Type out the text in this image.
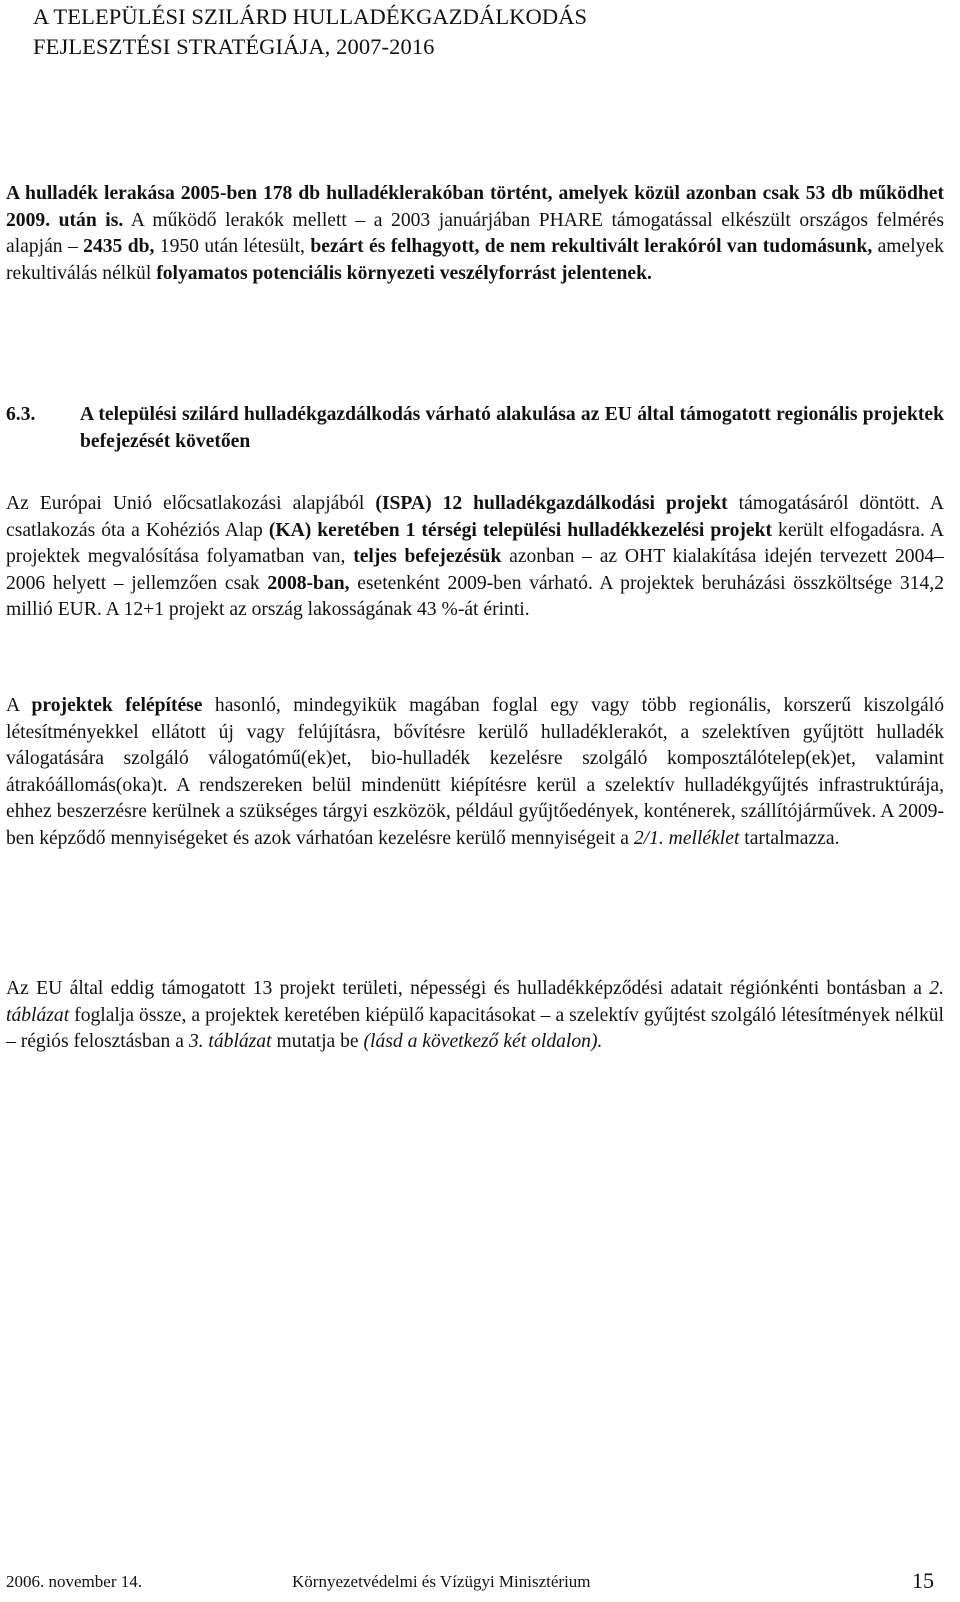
A TELEPÜLÉSI SZILÁRD HULLADÉKGAZDÁLKODÁS
FEJLESZTÉSI STRATÉGIÁJA, 2007-2016

A hulladék lerakása 2005-ben 178 db hulladéklerakóban történt, amelyek közül azonban csak 53 db működhet 2009. után is. A működő lerakók mellett – a 2003 januárjában PHARE támogatással elkészült országos felmérés alapján – 2435 db, 1950 után létesült, bezárt és felhagyott, de nem rekultivált lerakóról van tudomásunk, amelyek rekultiválás nélkül folyamatos potenciális környezeti veszélyforrást jelentenek.

6.3. A települési szilárd hulladékgazdálkodás várható alakulása az EU által támogatott regionális projektek befejezését követően

Az Európai Unió előcsatlakozási alapjából (ISPA) 12 hulladékgazdálkodási projekt támogatásáról döntött. A csatlakozás óta a Kohéziós Alap (KA) keretében 1 térségi települési hulladékkezelési projekt került elfogadásra. A projektek megvalósítása folyamatban van, teljes befejezésük azonban – az OHT kialakítása idején tervezett 2004–2006 helyett – jellemzően csak 2008-ban, esetenként 2009-ben várható. A projektek beruházási összköltsége 314,2 millió EUR. A 12+1 projekt az ország lakosságának 43 %-át érinti.

A projektek felépítése hasonló, mindegyikük magában foglal egy vagy több regionális, korszerű kiszolgáló létesítményekkel ellátott új vagy felújításra, bővítésre kerülő hulladéklerakót, a szelektíven gyűjtött hulladék válogatására szolgáló válogatómű(ek)et, bio-hulladék kezelésre szolgáló komposztálótelep(ek)et, valamint átrakóállomás(oka)t. A rendszereken belül mindenütt kiépítésre kerül a szelektív hulladékgyűjtés infrastruktúrája, ehhez beszerzésre kerülnek a szükséges tárgyi eszközök, például gyűjtőedények, konténerek, szállítójárművek. A 2009-ben képződő mennyiségeket és azok várhatóan kezelésre kerülő mennyiségeit a 2/1. melléklet tartalmazza.

Az EU által eddig támogatott 13 projekt területi, népességi és hulladékképződési adatait régiónkénti bontásban a 2. táblázat foglalja össze, a projektek keretében kiépülő kapacitásokat – a szelektív gyűjtést szolgáló létesítmények nélkül – régiós felosztásban a 3. táblázat mutatja be (lásd a következő két oldalon).

2006. november 14.	Környezetvédelmi és Vízügyi Minisztérium	15
